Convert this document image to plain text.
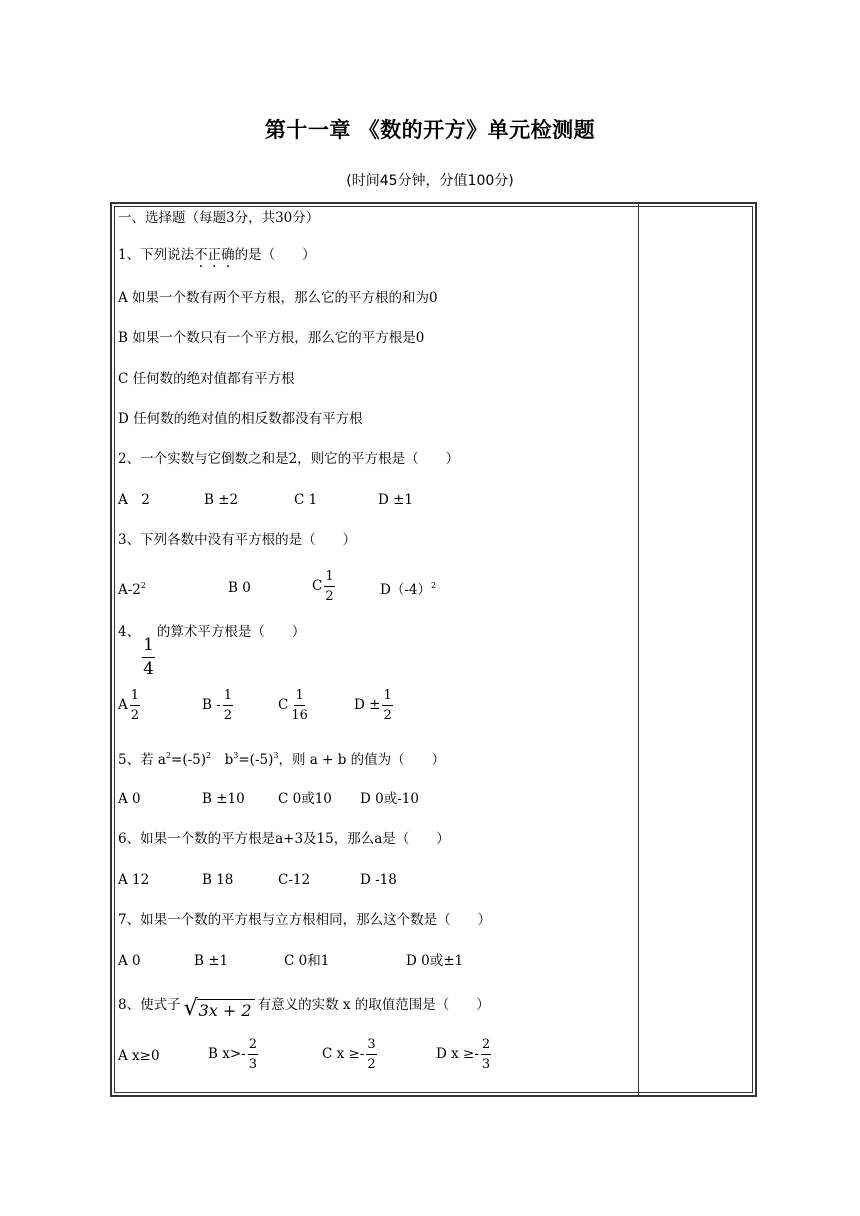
第十一章 《数的开方》单元检测题
(时间45分钟，分值100分)
一、选择题（每题3分，共30分）
1、下列说法不正确的是（　　）
A 如果一个数有两个平方根，那么它的平方根的和为0
B 如果一个数只有一个平方根，那么它的平方根是0
C 任何数的绝对值都有平方根
D 任何数的绝对值的相反数都没有平方根
2、一个实数与它倒数之和是2，则它的平方根是（　　）
A　2	B ±2	C 1	D ±1
3、下列各数中没有平方根的是（　　）
$A-2^2$	B 0	C $\frac{1}{2}$	$D(-4)^2$
4、
$\frac{1}{4}$
的算术平方根是（　　）
A $\frac{1}{2}$	B - $\frac{1}{2}$	C $\frac{1}{16}$	$D \pm \frac{1}{2}$
5、若 $a^2=(-5)^2$　$b^3=(-5)^3$，则 a + b 的值为（　　）
A 0	B ±10 C 0或10 D 0或-10
6、如果一个数的平方根是a+3及15，那么a是（　　）
A 12	B 18	C-12	D -18
7、如果一个数的平方根与立方根相同，那么这个数是（　　）
A 0	B ±1	C 0和1	D 0或±1
8、使式子 √ 3x + 2 有意义的实数 x 的取值范围是（　　）
A x≥0	B $x>- \frac{2}{3}$	C $x \ge- \frac{3}{2}$	D $x \ge- \frac{2}{3}$
